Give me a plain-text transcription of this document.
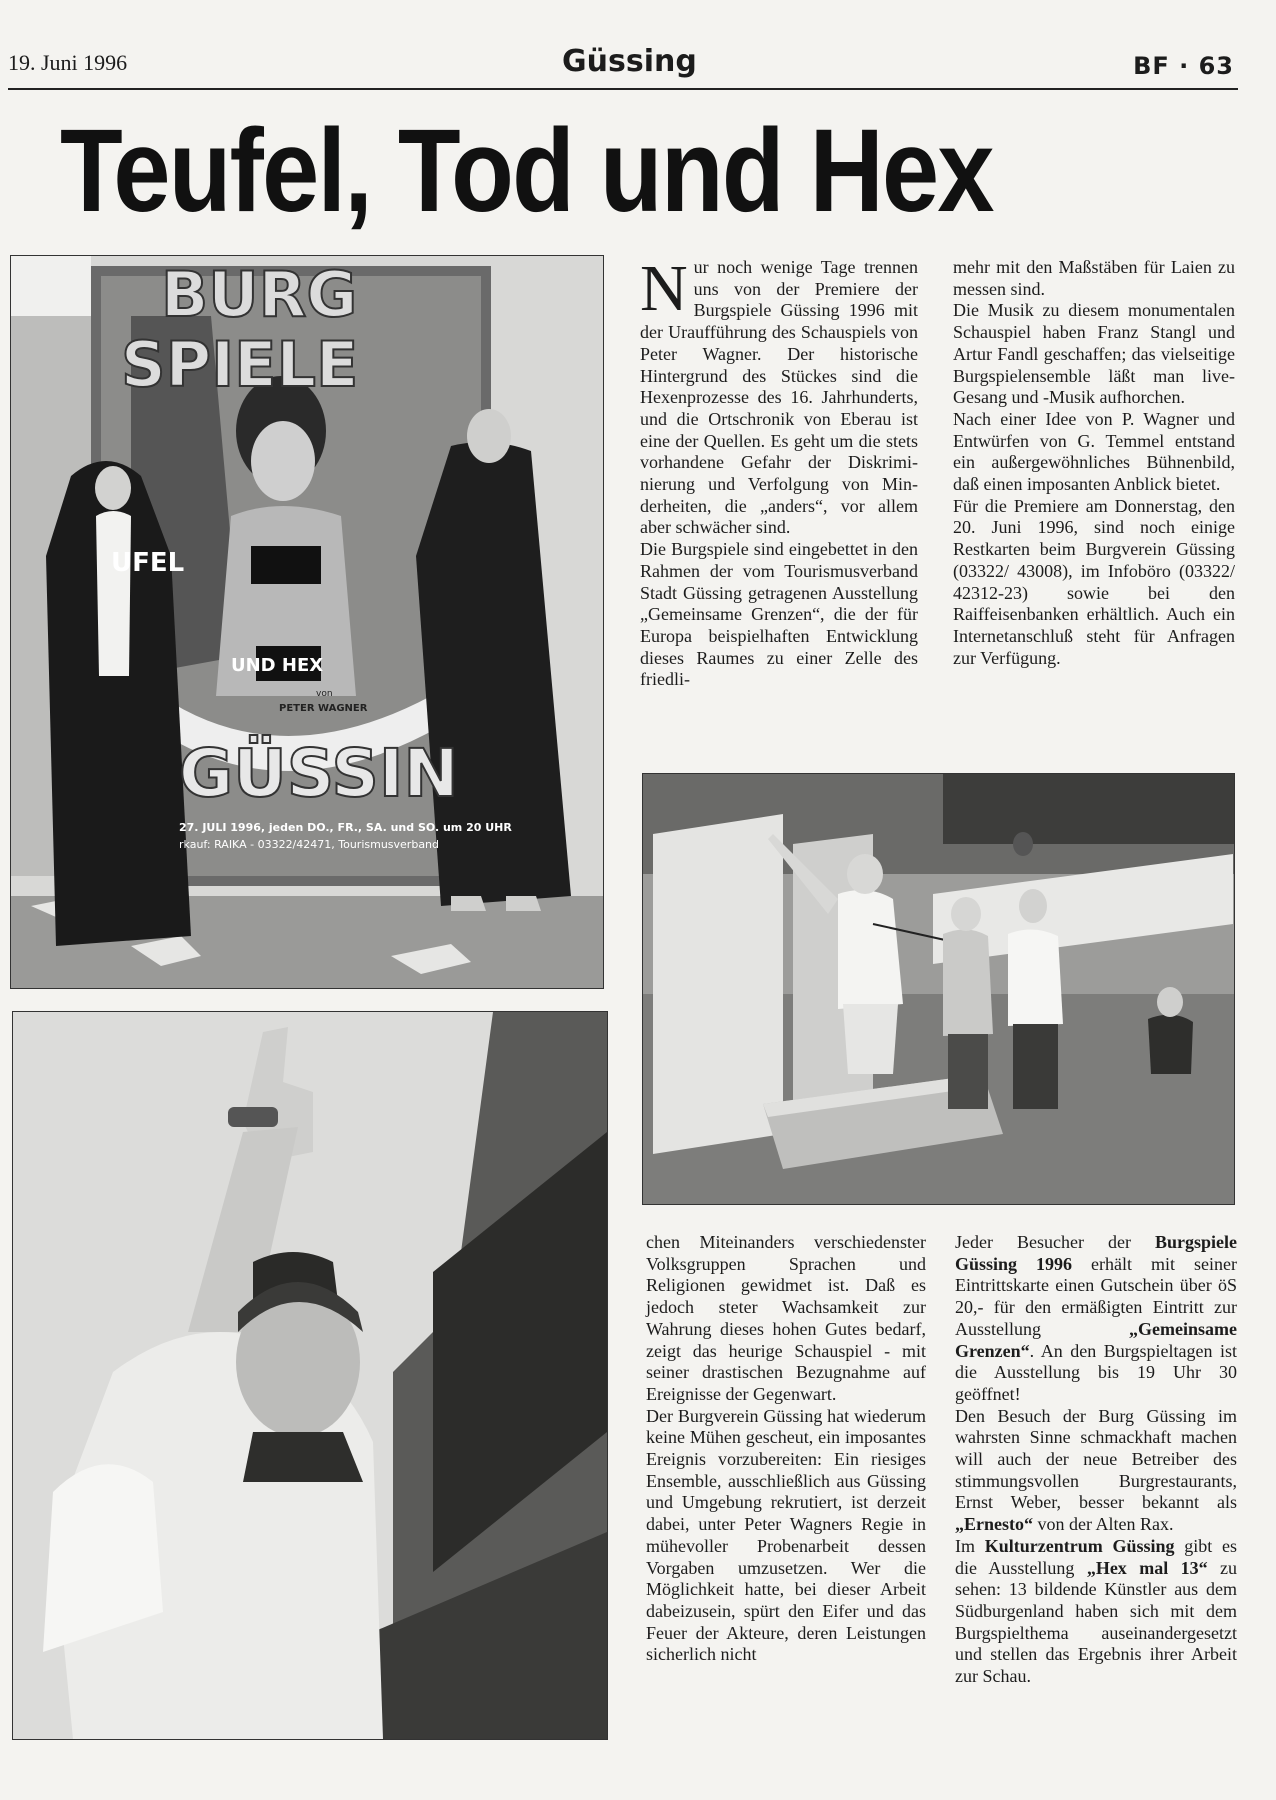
19. Juni 1996	Güssing	BF · 63
Teufel, Tod und Hex
BURG
SPIELE
UFEL
UND HEX
von
PETER WAGNER
GÜSSIN
27. JULI 1996, jeden DO., FR., SA. und SO. um 20 UHR
rkauf: RAIKA - 03322/42471, Tourismusverband

Nur noch wenige Tage trennen uns von der Premiere der Burgspiele Güssing 1996 mit der Uraufführung des Schauspiels von Peter Wagner. Der historische Hintergrund des Stückes sind die Hexenprozesse des 16. Jahrhunderts, und die Ortschronik von Eberau ist eine der Quellen. Es geht um die stets vorhandene Gefahr der Diskriminierung und Verfolgung von Minderheiten, die „anders“, vor allem aber schwächer sind.

Die Burgspiele sind eingebettet in den Rahmen der vom Tourismusverband Stadt Güssing getragenen Ausstellung „Gemeinsame Grenzen“, die der für Europa beispielhaften Entwicklung dieses Raumes zu einer Zelle des friedli-

mehr mit den Maßstäben für Laien zu messen sind.

Die Musik zu diesem monumentalen Schauspiel haben Franz Stangl und Artur Fandl geschaffen; das vielseitige Burgspielensemble läßt man live-Gesang und -Musik aufhorchen.

Nach einer Idee von P. Wagner und Entwürfen von G. Temmel entstand ein außergewöhnliches Bühnenbild, daß einen imposanten Anblick bietet.

Für die Premiere am Donnerstag, den 20. Juni 1996, sind noch einige Restkarten beim Burgverein Güssing (03322/ 43008), im Infoböro (03322/ 42312-23) sowie bei den Raiffeisenbanken erhältlich. Auch ein Internetanschluß steht für Anfragen zur Verfügung.

chen Miteinanders verschiedenster Volksgruppen Sprachen und Religionen gewidmet ist. Daß es jedoch steter Wachsamkeit zur Wahrung dieses hohen Gutes bedarf, zeigt das heurige Schauspiel - mit seiner drastischen Bezugnahme auf Ereignisse der Gegenwart.

Der Burgverein Güssing hat wiederum keine Mühen gescheut, ein imposantes Ereignis vorzubereiten: Ein riesiges Ensemble, ausschließlich aus Güssing und Umgebung rekrutiert, ist derzeit dabei, unter Peter Wagners Regie in mühevoller Probenarbeit dessen Vorgaben umzusetzen. Wer die Möglichkeit hatte, bei dieser Arbeit dabeizusein, spürt den Eifer und das Feuer der Akteure, deren Leistungen sicherlich nicht

Jeder Besucher der Burgspiele Güssing 1996 erhält mit seiner Eintrittskarte einen Gutschein über öS 20,- für den ermäßigten Eintritt zur Ausstellung „Gemeinsame Grenzen“. An den Burgspieltagen ist die Ausstellung bis 19 Uhr 30 geöffnet!

Den Besuch der Burg Güssing im wahrsten Sinne schmackhaft machen will auch der neue Betreiber des stimmungsvollen Burgrestaurants, Ernst Weber, besser bekannt als „Ernesto“ von der Alten Rax.

Im Kulturzentrum Güssing gibt es die Ausstellung „Hex mal 13“ zu sehen: 13 bildende Künstler aus dem Südburgenland haben sich mit dem Burgspielthema auseinandergesetzt und stellen das Ergebnis ihrer Arbeit zur Schau.
